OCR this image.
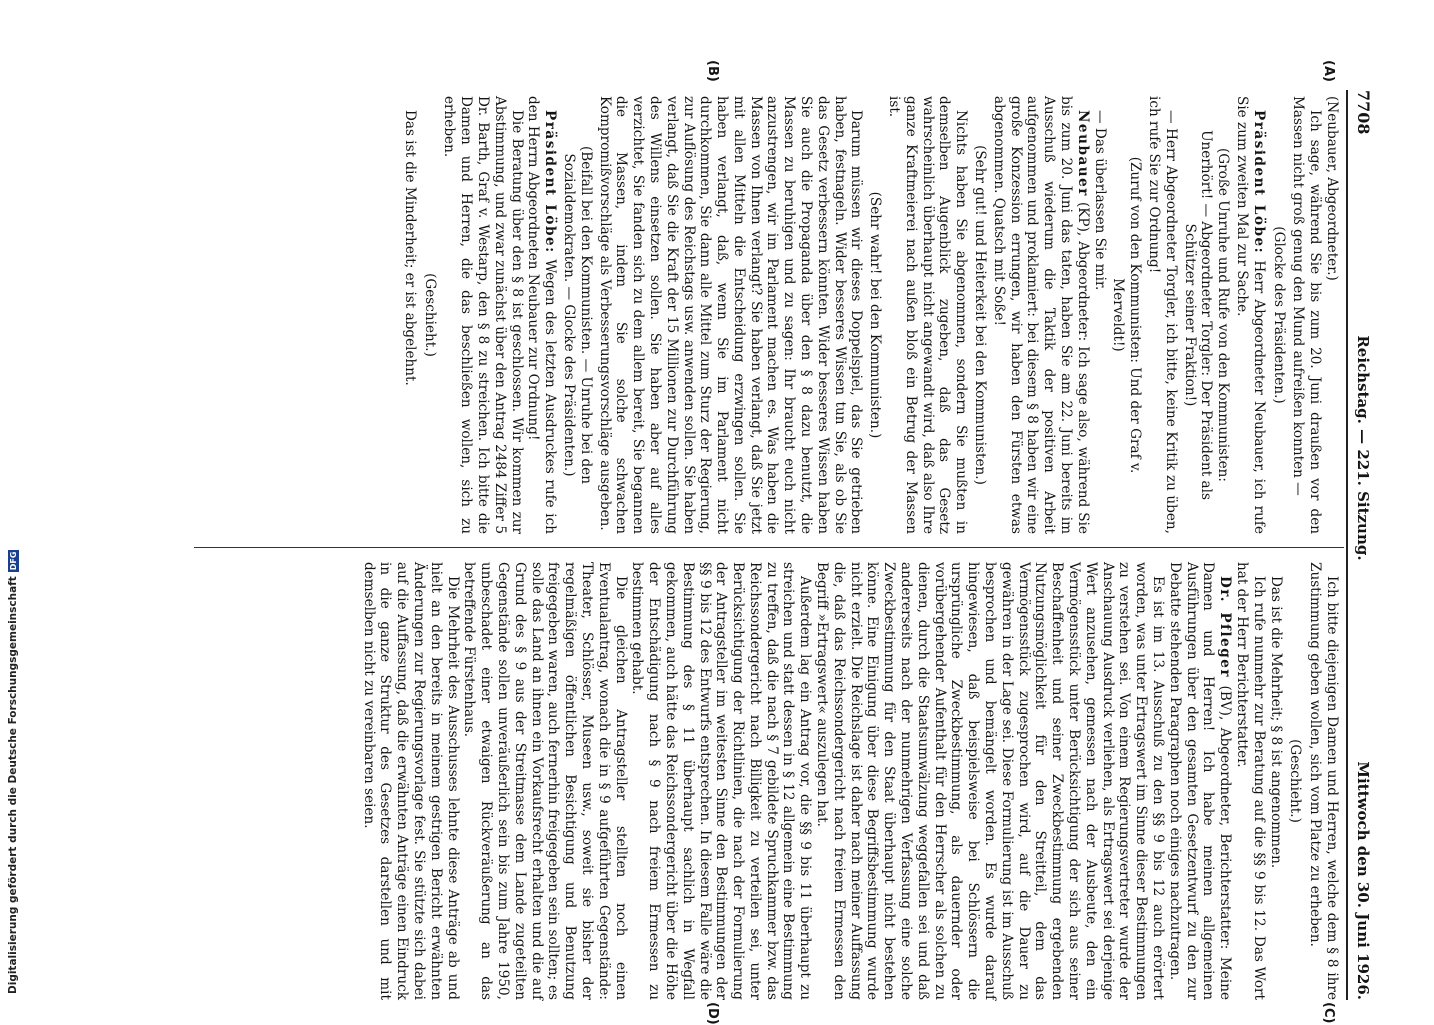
Digitalisierung gefördert durch die Deutsche Forschungsgemeinschaft
DFG
7708
Reichstag. — 221. Sitzung.
Mittwoch den 30. Juni 1926.
(A)
(B)
(C)
(D)

(Neubauer, Abgeordneter.)

Ich sage, während Sie bis zum 20. Juni draußen vor den Massen nicht groß genug den Mund aufreißen konnten —

(Glocke des Präsidenten.)

Präsident Löbe: Herr Abgeordneter Neubauer, ich rufe Sie zum zweiten Mal zur Sache.

(Große Unruhe und Rufe von den Kommunisten: Unerhört! — Abgeordneter Torgler: Der Präsident als Schützer seiner Fraktion!)

— Herr Abgeordneter Torgler, ich bitte, keine Kritik zu üben, ich rufe Sie zur Ordnung!

(Zuruf von den Kommunisten: Und der Graf v. Merveldt!)

— Das überlassen Sie mir.

Neubauer (KP), Abgeordneter: Ich sage also, während Sie bis zum 20. Juni das taten, haben Sie am 22. Juni bereits im Ausschuß wiederum die Taktik der positiven Arbeit aufgenommen und proklamiert: bei diesem § 8 haben wir eine große Konzession errungen, wir haben den Fürsten etwas abgenommen. Quatsch mit Soße!

(Sehr gut! und Heiterkeit bei den Kommunisten.)

Nichts haben Sie abgenommen, sondern Sie mußten in demselben Augenblick zugeben, daß das Gesetz wahrscheinlich überhaupt nicht angewandt wird, daß also Ihre ganze Kraftmeierei nach außen bloß ein Betrug der Massen ist.

(Sehr wahr! bei den Kommunisten.)

Darum müssen wir dieses Doppelspiel, das Sie getrieben haben, festnageln. Wider besseres Wissen tun Sie, als ob Sie das Gesetz verbessern könnten. Wider besseres Wissen haben Sie auch die Propaganda über den § 8 dazu benutzt, die Massen zu beruhigen und zu sagen: Ihr braucht euch nicht anzustrengen, wir im Parlament machen es. Was haben die Massen von Ihnen verlangt? Sie haben verlangt, daß Sie jetzt mit allen Mitteln die Entscheidung erzwingen sollen. Sie haben verlangt, daß, wenn Sie im Parlament nicht durchkommen, Sie dann alle Mittel zum Sturz der Regierung, zur Auflösung des Reichstags usw. anwenden sollen. Sie haben verlangt, daß Sie die Kraft der 15 Millionen zur Durchführung des Willens einsetzen sollen. Sie haben aber auf alles verzichtet, Sie fanden sich zu dem allem bereit, Sie begannen die Massen, indem Sie solche schwachen Kompromißvorschläge als Verbesserungsvorschläge ausgeben.

(Beifall bei den Kommunisten. — Unruhe bei den Sozialdemokraten. — Glocke des Präsidenten.)

Präsident Löbe: Wegen des letzten Ausdruckes rufe ich den Herrn Abgeordneten Neubauer zur Ordnung!

Die Beratung über den § 8 ist geschlossen. Wir kommen zur Abstimmung, und zwar zunächst über den Antrag 2484 Ziffer 5 Dr. Barth, Graf v. Westarp, den § 8 zu streichen. Ich bitte die Damen und Herren, die das beschließen wollen, sich zu erheben.

(Geschieht.)

Das ist die Minderheit; er ist abgelehnt.

Ich bitte diejenigen Damen und Herren, welche dem § 8 ihre Zustimmung geben wollen, sich vom Platze zu erheben.

(Geschieht.)

Das ist die Mehrheit; § 8 ist angenommen.

Ich rufe nunmehr zur Beratung auf die §§ 9 bis 12. Das Wort hat der Herr Berichterstatter.

Dr. Pfleger (BV), Abgeordneter, Berichterstatter: Meine Damen und Herren! Ich habe meinen allgemeinen Ausführungen über den gesamten Gesetzentwurf zu den zur Debatte stehenden Paragraphen noch einiges nachzutragen.

Es ist im 13. Ausschuß zu den §§ 9 bis 12 auch erörtert worden, was unter Ertragswert im Sinne dieser Bestimmungen zu verstehen sei. Von einem Regierungsvertreter wurde der Anschauung Ausdruck verliehen, als Ertragswert sei derjenige Wert anzusehen, gemessen nach der Ausbeute, den ein Vermögensstück unter Berücksichtigung der sich aus seiner Beschaffenheit und seiner Zweckbestimmung ergebenden Nutzungsmöglichkeit für den Streitteil, dem das Vermögensstück zugesprochen wird, auf die Dauer zu gewähren in der Lage sei. Diese Formulierung ist im Ausschuß besprochen und bemängelt worden. Es wurde darauf hingewiesen, daß beispielsweise bei Schlössern die ursprüngliche Zweckbestimmung, als dauernder oder vorübergehender Aufenthalt für den Herrscher als solchen zu dienen, durch die Staatsumwälzung weggefallen sei und daß andererseits nach der nunmehrigen Verfassung eine solche Zweckbestimmung für den Staat überhaupt nicht bestehen könne. Eine Einigung über diese Begriffsbestimmung wurde nicht erzielt. Die Reichslage ist daher nach meiner Auffassung die, daß das Reichssondergericht nach freiem Ermessen den Begriff »Ertragswert« auszulegen hat.

Außerdem lag ein Antrag vor, die §§ 9 bis 11 überhaupt zu streichen und statt dessen in § 12 allgemein eine Bestimmung zu treffen, daß die nach § 7 gebildete Spruchkammer bzw. das Reichssondergericht nach Billigkeit zu verteilen sei, unter Berücksichtigung der Richtlinien, die nach der Formulierung der Antragsteller im weitesten Sinne den Bestimmungen der §§ 9 bis 12 des Entwurfs entsprechen. In diesem Falle wäre die Bestimmung des § 11 überhaupt sachlich in Wegfall gekommen, auch hätte das Reichssondergericht über die Höhe der Entschädigung nach § 9 nach freiem Ermessen zu bestimmen gehabt.

Die gleichen Antragsteller stellten noch einen Eventualantrag, wonach die in § 9 aufgeführten Gegenstände: Theater, Schlösser, Museen usw., soweit sie bisher der regelmäßigen öffentlichen Besichtigung und Benutzung freigegeben waren, auch fernerhin freigegeben sein sollten; es solle das Land an ihnen ein Vorkaufsrecht erhalten und die auf Grund des § 9 aus der Streitmasse dem Lande zugeteilten Gegenstände sollen unveräußerlich sein bis zum Jahre 1950, unbeschadet einer etwaigen Rückveräußerung an das betreffende Fürstenhaus.

Die Mehrheit des Ausschusses lehnte diese Anträge ab und hielt an den bereits in meinem gestrigen Bericht erwähnten Änderungen zur Regierungsvorlage fest. Sie stützte sich dabei auf die Auffassung, daß die erwähnten Anträge einen Eindruck in die ganze Struktur des Gesetzes darstellen und mit demselben nicht zu vereinbaren seien.
